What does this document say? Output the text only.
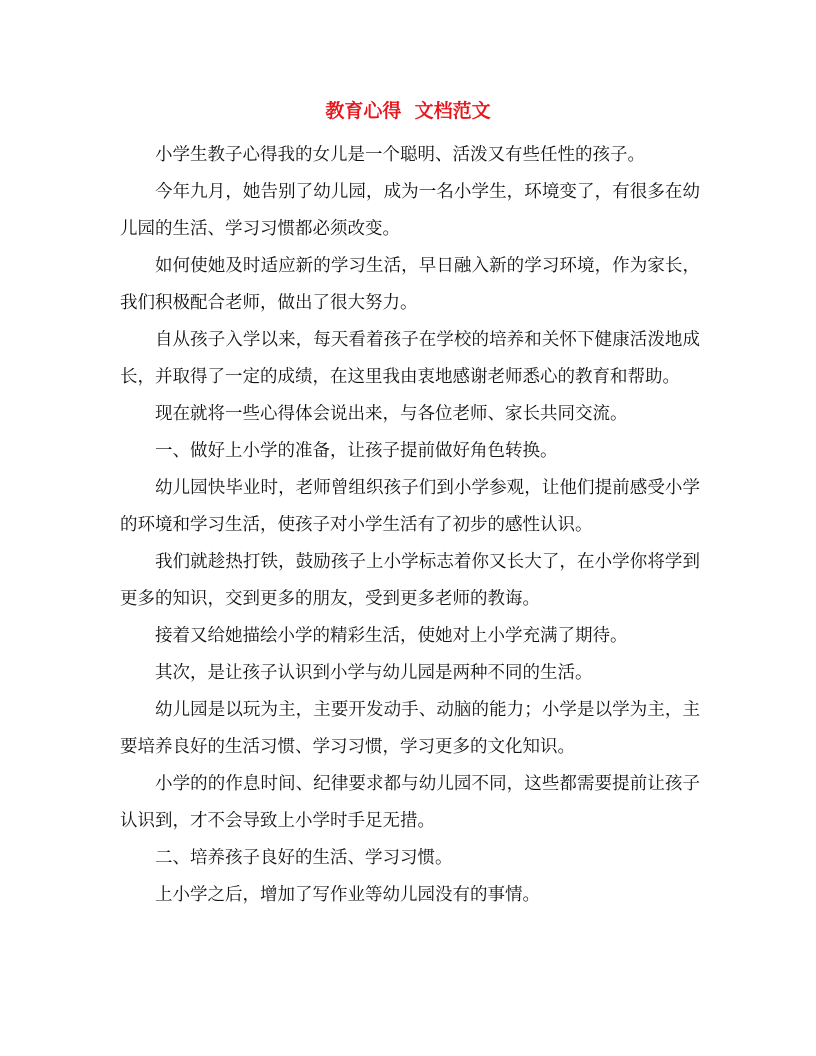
教育心得  文档范文

小学生教子心得我的女儿是一个聪明、活泼又有些任性的孩子。

今年九月，她告别了幼儿园，成为一名小学生，环境变了，有很多在幼儿园的生活、学习习惯都必须改变。

如何使她及时适应新的学习生活，早日融入新的学习环境，作为家长，我们积极配合老师，做出了很大努力。

自从孩子入学以来，每天看着孩子在学校的培养和关怀下健康活泼地成长，并取得了一定的成绩，在这里我由衷地感谢老师悉心的教育和帮助。

现在就将一些心得体会说出来，与各位老师、家长共同交流。

一、做好上小学的准备，让孩子提前做好角色转换。

幼儿园快毕业时，老师曾组织孩子们到小学参观，让他们提前感受小学的环境和学习生活，使孩子对小学生活有了初步的感性认识。

我们就趁热打铁，鼓励孩子上小学标志着你又长大了，在小学你将学到更多的知识，交到更多的朋友，受到更多老师的教诲。

接着又给她描绘小学的精彩生活，使她对上小学充满了期待。

其次，是让孩子认识到小学与幼儿园是两种不同的生活。

幼儿园是以玩为主，主要开发动手、动脑的能力；小学是以学为主，主要培养良好的生活习惯、学习习惯，学习更多的文化知识。

小学的的作息时间、纪律要求都与幼儿园不同，这些都需要提前让孩子认识到，才不会导致上小学时手足无措。

二、培养孩子良好的生活、学习习惯。

上小学之后，增加了写作业等幼儿园没有的事情。
